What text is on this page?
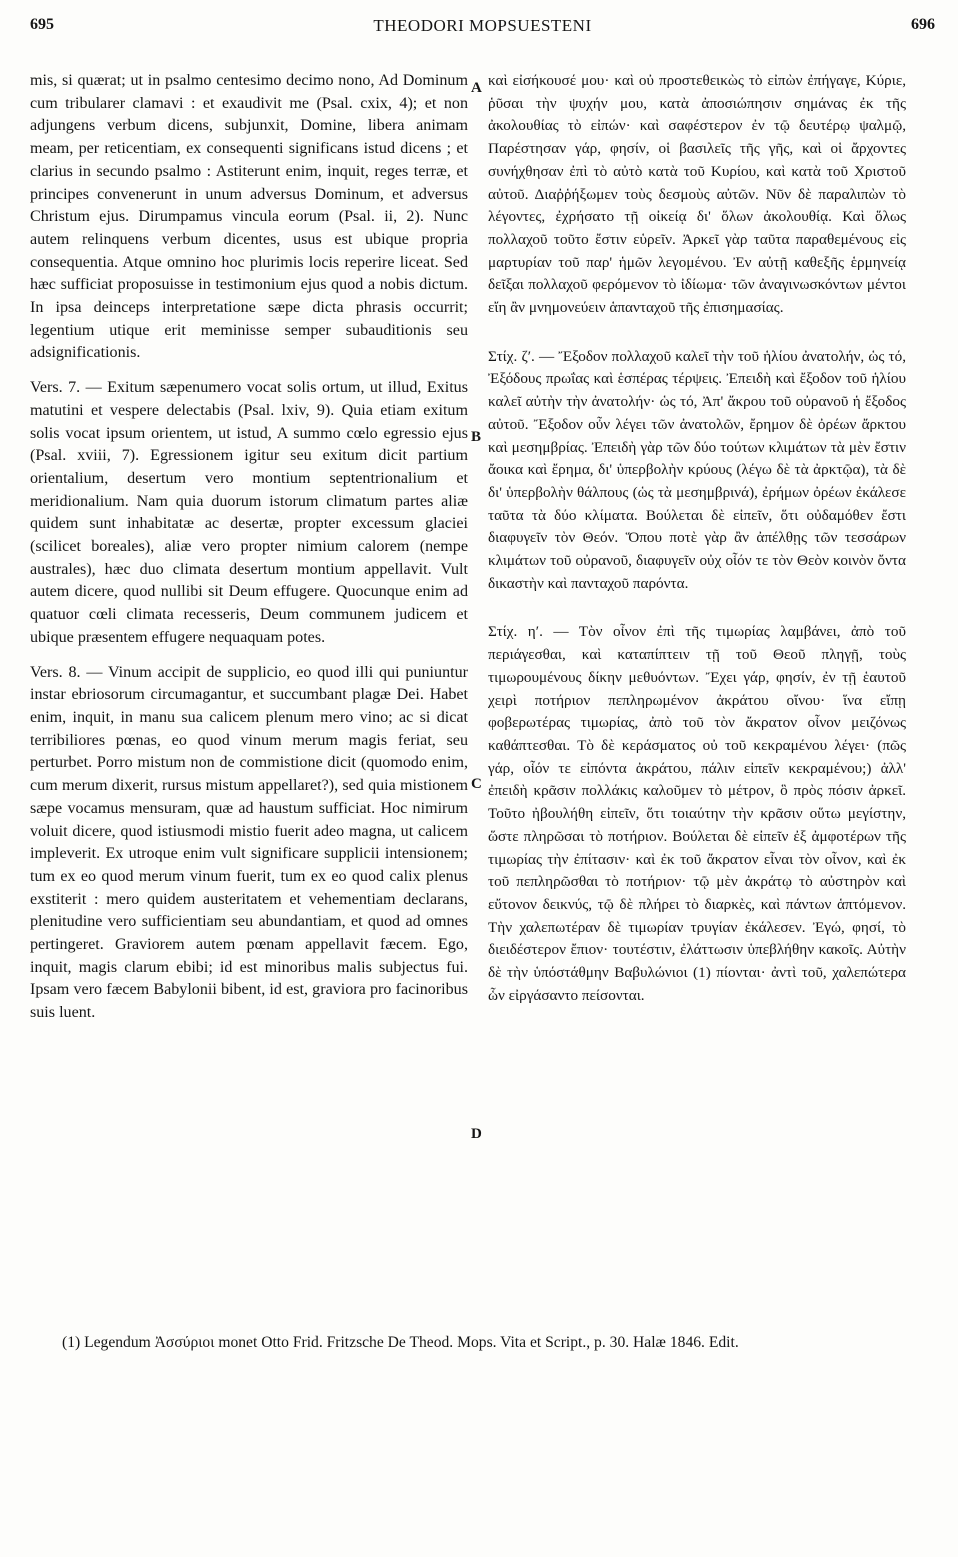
695	THEODORI MOPSUESTENI	696

mis, si quærat; ut in psalmo centesimo decimo nono, Ad Dominum cum tribularer clamavi : et exaudivit me (Psal. cxix, 4); et non adjungens verbum dicens, subjunxit, Domine, libera animam meam, per reticentiam, ex consequenti significans istud dicens ; et clarius in secundo psalmo : Astiterunt enim, inquit, reges terræ, et principes convenerunt in unum adversus Dominum, et adversus Christum ejus. Dirumpamus vincula eorum (Psal. ii, 2). Nunc autem relinquens verbum dicentes, usus est ubique propria consequentia. Atque omnino hoc plurimis locis reperire liceat. Sed hæc sufficiat proposuisse in testimonium ejus quod a nobis dictum. In ipsa deinceps interpretatione sæpe dicta phrasis occurrit; legentium utique erit meminisse semper subauditionis seu adsignificationis.

Vers. 7. — Exitum sæpenumero vocat solis ortum, ut illud, Exitus matutini et vespere delectabis (Psal. lxiv, 9). Quia etiam exitum solis vocat ipsum orientem, ut istud, A summo cœlo egressio ejus (Psal. xviii, 7). Egressionem igitur seu exitum dicit partium orientalium, desertum vero montium septentrionalium et meridionalium. Nam quia duorum istorum climatum partes aliæ quidem sunt inhabitatæ ac desertæ, propter excessum glaciei (scilicet boreales), aliæ vero propter nimium calorem (nempe australes), hæc duo climata desertum montium appellavit. Vult autem dicere, quod nullibi sit Deum effugere. Quocunque enim ad quatuor cœli climata recesseris, Deum communem judicem et ubique præsentem effugere nequaquam potes.

Vers. 8. — Vinum accipit de supplicio, eo quod illi qui puniuntur instar ebriosorum circumagantur, et succumbant plagæ Dei. Habet enim, inquit, in manu sua calicem plenum mero vino; ac si dicat terribiliores pœnas, eo quod vinum merum magis feriat, seu perturbet. Porro mistum non de commistione dicit (quomodo enim, cum merum dixerit, rursus mistum appellaret?), sed quia mistionem sæpe vocamus mensuram, quæ ad haustum sufficiat. Hoc nimirum voluit dicere, quod istiusmodi mistio fuerit adeo magna, ut calicem impleverit. Ex utroque enim vult significare supplicii intensionem; tum ex eo quod merum vinum fuerit, tum ex eo quod calix plenus exstiterit : mero quidem austeritatem et vehementiam declarans, plenitudine vero sufficientiam seu abundantiam, et quod ad omnes pertingeret. Graviorem autem pœnam appellavit fæcem. Ego, inquit, magis clarum ebibi; id est minoribus malis subjectus fui. Ipsam vero fæcem Babylonii bibent, id est, graviora pro facinoribus suis luent.

A
B
C
D

καὶ εἰσήκουσέ μου· καὶ οὐ προστεθεικὼς τὸ εἰπὼν ἐπήγαγε, Κύριε, ῥῦσαι τὴν ψυχήν μου, κατὰ ἀποσιώπησιν σημάνας ἐκ τῆς ἀκολουθίας τὸ εἰπών· καὶ σαφέστερον ἐν τῷ δευτέρῳ ψαλμῷ, Παρέστησαν γάρ, φησίν, οἱ βασιλεῖς τῆς γῆς, καὶ οἱ ἄρχοντες συνήχθησαν ἐπὶ τὸ αὐτὸ κατὰ τοῦ Κυρίου, καὶ κατὰ τοῦ Χριστοῦ αὐτοῦ. Διαῤῥήξωμεν τοὺς δεσμοὺς αὐτῶν. Νῦν δὲ παραλιπὼν τὸ λέγοντες, ἐχρήσατο τῇ οἰκείᾳ δι' ὅλων ἀκολουθίᾳ. Καὶ ὅλως πολλαχοῦ τοῦτο ἔστιν εὑρεῖν. Ἀρκεῖ γὰρ ταῦτα παραθεμένους εἰς μαρτυρίαν τοῦ παρ' ἡμῶν λεγομένου. Ἐν αὐτῇ καθεξῆς ἑρμηνείᾳ δεῖξαι πολλαχοῦ φερόμενον τὸ ἰδίωμα· τῶν ἀναγινωσκόντων μέντοι εἴη ἂν μνημονεύειν ἁπανταχοῦ τῆς ἐπισημασίας.

Στίχ. ζʹ. — Ἔξοδον πολλαχοῦ καλεῖ τὴν τοῦ ἡλίου ἀνατολήν, ὡς τό, Ἐξόδους πρωΐας καὶ ἑσπέρας τέρψεις. Ἐπειδὴ καὶ ἔξοδον τοῦ ἡλίου καλεῖ αὐτὴν τὴν ἀνατολήν· ὡς τό, Ἀπ' ἄκρου τοῦ οὐρανοῦ ἡ ἔξοδος αὐτοῦ. Ἔξοδον οὖν λέγει τῶν ἀνατολῶν, ἔρημον δὲ ὀρέων ἄρκτου καὶ μεσημβρίας. Ἐπειδὴ γὰρ τῶν δύο τούτων κλιμάτων τὰ μὲν ἔστιν ἄοικα καὶ ἔρημα, δι' ὑπερβολὴν κρύους (λέγω δὲ τὰ ἀρκτῷα), τὰ δὲ δι' ὑπερβολὴν θάλπους (ὡς τὰ μεσημβρινά), ἐρήμων ὀρέων ἐκάλεσε ταῦτα τὰ δύο κλίματα. Βούλεται δὲ εἰπεῖν, ὅτι οὐδαμόθεν ἔστι διαφυγεῖν τὸν Θεόν. Ὅπου ποτὲ γὰρ ἂν ἀπέλθῃς τῶν τεσσάρων κλιμάτων τοῦ οὐρανοῦ, διαφυγεῖν οὐχ οἷόν τε τὸν Θεὸν κοινὸν ὄντα δικαστὴν καὶ πανταχοῦ παρόντα.

Στίχ. ηʹ. — Τὸν οἶνον ἐπὶ τῆς τιμωρίας λαμβάνει, ἀπὸ τοῦ περιάγεσθαι, καὶ καταπίπτειν τῇ τοῦ Θεοῦ πληγῇ, τοὺς τιμωρουμένους δίκην μεθυόντων. Ἔχει γάρ, φησίν, ἐν τῇ ἑαυτοῦ χειρὶ ποτήριον πεπληρωμένον ἀκράτου οἴνου· ἵνα εἴπῃ φοβερωτέρας τιμωρίας, ἀπὸ τοῦ τὸν ἄκρατον οἶνον μειζόνως καθάπτεσθαι. Τὸ δὲ κεράσματος οὐ τοῦ κεκραμένου λέγει· (πῶς γάρ, οἷόν τε εἰπόντα ἀκράτου, πάλιν εἰπεῖν κεκραμένου;) ἀλλ' ἐπειδὴ κρᾶσιν πολλάκις καλοῦμεν τὸ μέτρον, ὃ πρὸς πόσιν ἀρκεῖ. Τοῦτο ἠβουλήθη εἰπεῖν, ὅτι τοιαύτην τὴν κρᾶσιν οὕτω μεγίστην, ὥστε πληρῶσαι τὸ ποτήριον. Βούλεται δὲ εἰπεῖν ἐξ ἀμφοτέρων τῆς τιμωρίας τὴν ἐπίτασιν· καὶ ἐκ τοῦ ἄκρατον εἶναι τὸν οἶνον, καὶ ἐκ τοῦ πεπληρῶσθαι τὸ ποτήριον· τῷ μὲν ἀκράτῳ τὸ αὐστηρὸν καὶ εὔτονον δεικνύς, τῷ δὲ πλήρει τὸ διαρκὲς, καὶ πάντων ἁπτόμενον. Τὴν χαλεπωτέραν δὲ τιμωρίαν τρυγίαν ἐκάλεσεν. Ἐγώ, φησί, τὸ διειδέστερον ἔπιον· τουτέστιν, ἐλάττωσιν ὑπεβλήθην κακοῖς. Αὐτὴν δὲ τὴν ὑπόστάθμην Βαβυλώνιοι (1) πίονται· ἀντὶ τοῦ, χαλεπώτερα ὧν εἰργάσαντο πείσονται.

(1) Legendum Ἀσσύριοι monet Otto Frid. Fritzsche De Theod. Mops. Vita et Script., p. 30. Halæ 1846. Edit.
